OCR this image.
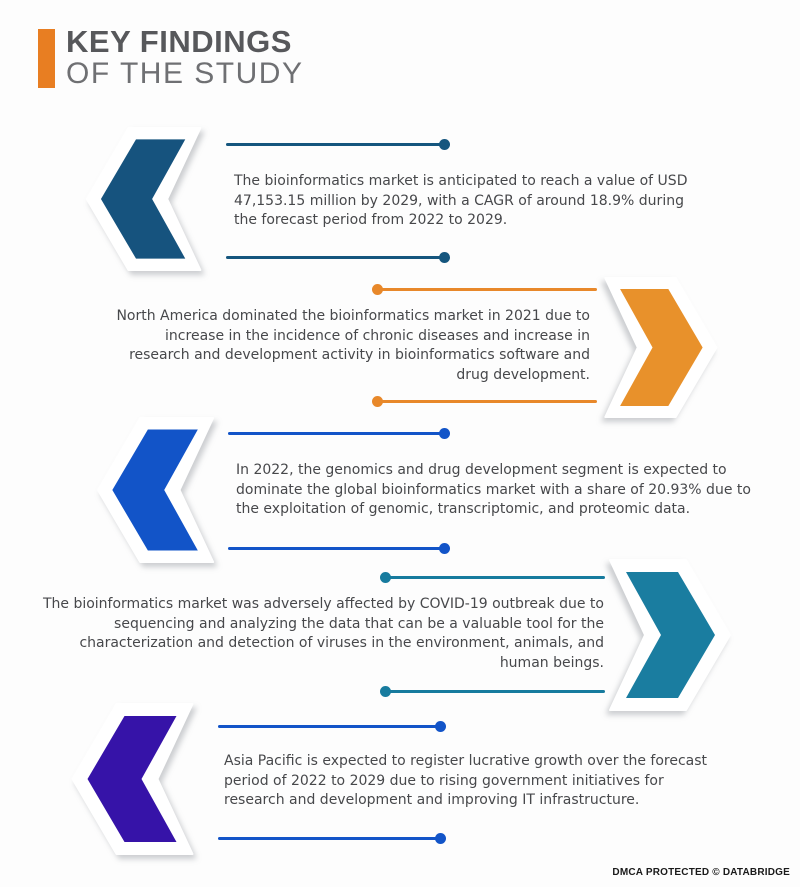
KEY FINDINGS
OF THE STUDY

The bioinformatics market is anticipated to reach a value of USD 47,153.15 million by 2029, with a CAGR of around 18.9% during the forecast period from 2022 to 2029.

North America dominated the bioinformatics market in 2021 due to increase in the incidence of chronic diseases and increase in research and development activity in bioinformatics software and drug development.

In 2022, the genomics and drug development segment is expected to dominate the global bioinformatics market with a share of 20.93% due to the exploitation of genomic, transcriptomic, and proteomic data.

The bioinformatics market was adversely affected by COVID-19 outbreak due to sequencing and analyzing the data that can be a valuable tool for the characterization and detection of viruses in the environment, animals, and human beings.

Asia Pacific is expected to register lucrative growth over the forecast period of 2022 to 2029 due to rising government initiatives for research and development and improving IT infrastructure.

DMCA PROTECTED © DATABRIDGE
